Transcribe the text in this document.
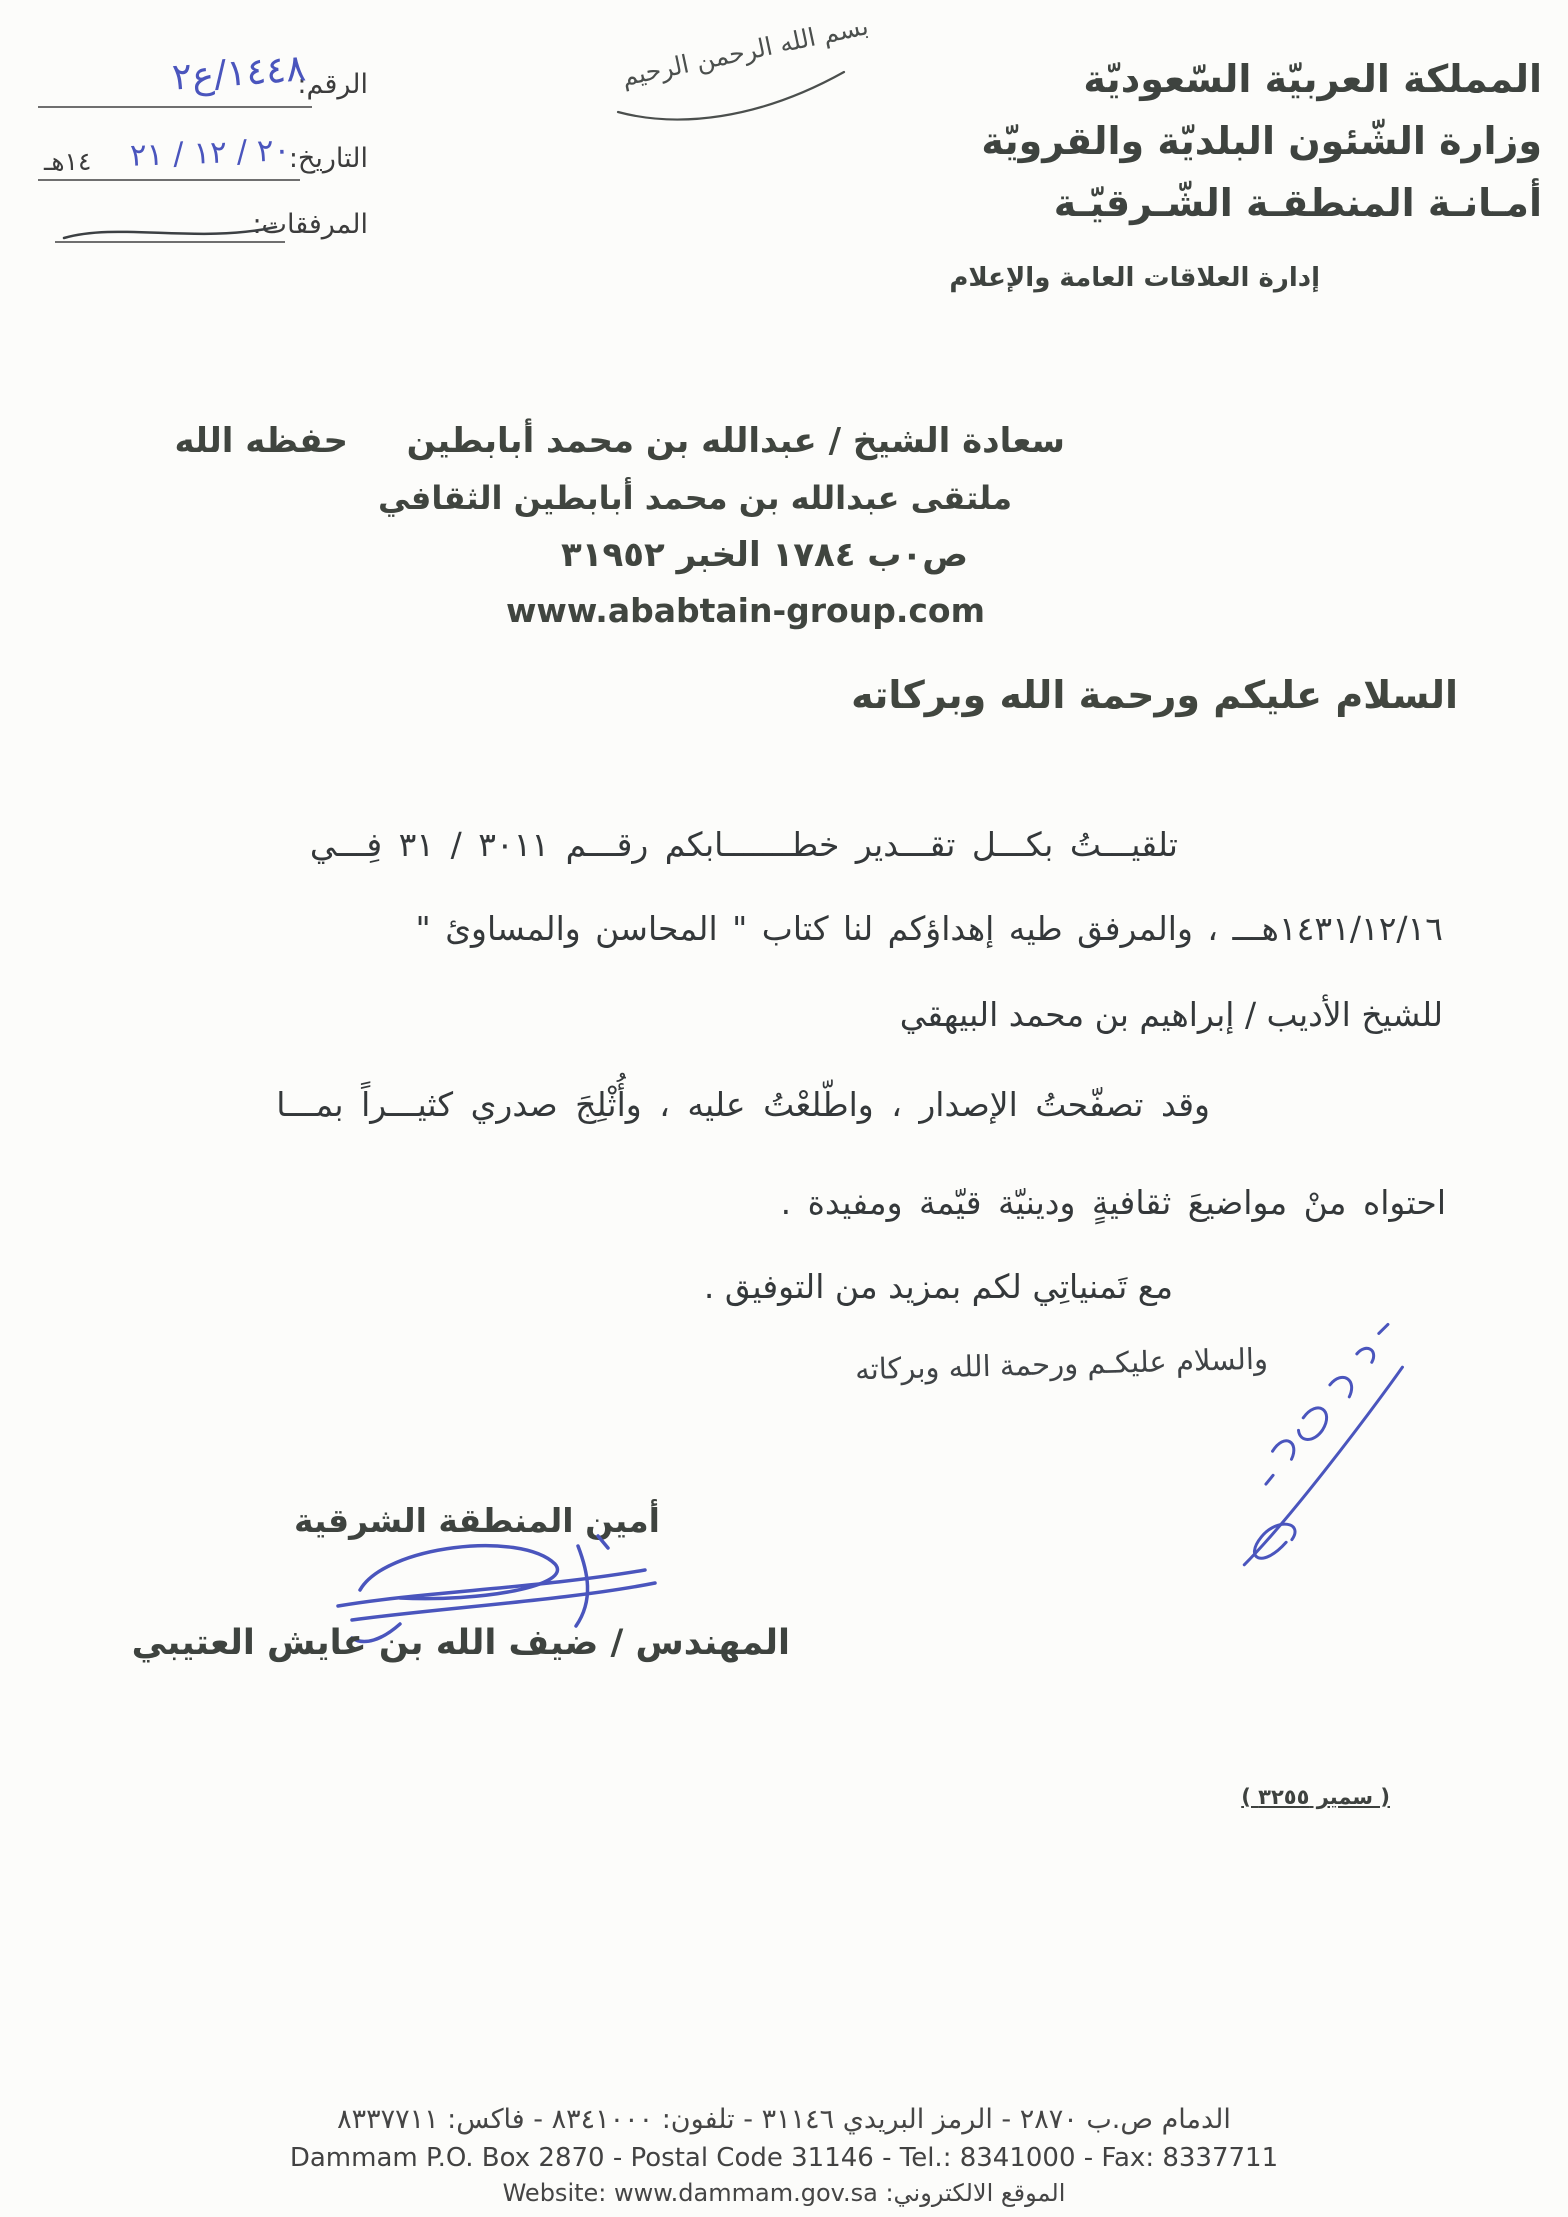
الرقم:
١٤٤٨/ع٢
التاريخ:
٢٠ / ١٢ / ٢١
١٤هـ
المرفقات:
بسم الله الرحمن الرحيم	المملكة العربيّة السّعوديّة
وزارة الشّئون البلديّة والقرويّة
أمـانـة المنطقـة الشّـرقيّـة
إدارة العلاقات العامة والإعلام
سعادة الشيخ / عبدالله بن محمد أبابطين
حفظه الله
ملتقى عبدالله بن محمد أبابطين الثقافي
ص٠ب ١٧٨٤ الخبر ٣١٩٥٢
www.ababtain-group.com
السلام عليكم ورحمة الله وبركاته
تلقيـــتُ بكـــل تقـــدير خطـــــــابكم رقـــم ٣٠١١ / ٣١ فِـــي
١٤٣١/١٢/١٦هـــ ، والمرفق طيه إهداؤكم لنا كتاب " المحاسن والمساوئ "
للشيخ الأديب / إبراهيم بن محمد البيهقي
وقد تصفّحتُ الإصدار ، واطّلعْتُ عليه ، وأُثْلِجَ صدري كثيـــراً بمـــا
احتواه منْ مواضيعَ ثقافيةٍ ودينيّة قيّمة ومفيدة .
مع تَمنياتِي لكم بمزيد من التوفيق .
والسلام عليكـم ورحمة الله وبركاته
أمين المنطقة الشرقية
المهندس / ضيف الله بن عايش العتيبي
( سمير ٣٢٥٥ )
الدمام ص.ب ٢٨٧٠ - الرمز البريدي ٣١١٤٦ - تلفون: ٨٣٤١٠٠٠ - فاكس: ٨٣٣٧٧١١
Dammam P.O. Box 2870 - Postal Code 31146 - Tel.: 8341000 - Fax: 8337711
الموقع الالكتروني: Website: www.dammam.gov.sa
